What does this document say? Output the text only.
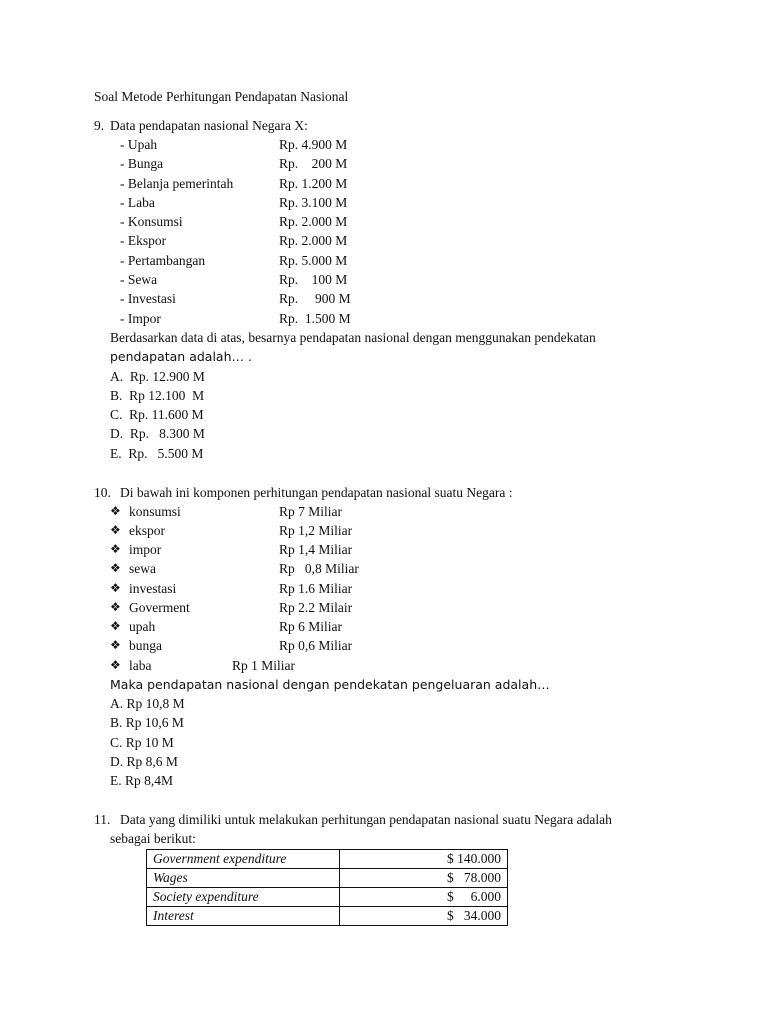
Soal Metode Perhitungan Pendapatan Nasional
9. Data pendapatan nasional Negara X:
- Upah	Rp. 4.900 M
- Bunga	Rp.    200 M
- Belanja pemerintah	Rp. 1.200 M
- Laba	Rp. 3.100 M
- Konsumsi	Rp. 2.000 M
- Ekspor	Rp. 2.000 M
- Pertambangan	Rp. 5.000 M
- Sewa	Rp.    100 M
- Investasi	Rp.     900 M
- Impor	Rp.  1.500 M
Berdasarkan data di atas, besarnya pendapatan nasional dengan menggunakan pendekatan
pendapatan adalah… .
A.  Rp. 12.900 M
B.  Rp 12.100  M
C.  Rp. 11.600 M
D.  Rp.   8.300 M
E.  Rp.   5.500 M
10. Di bawah ini komponen perhitungan pendapatan nasional suatu Negara :
❖ konsumsi	Rp 7 Miliar
❖ ekspor	Rp 1,2 Miliar
❖ impor	Rp 1,4 Miliar
❖ sewa	Rp   0,8 Miliar
❖ investasi	Rp 1.6 Miliar
❖ Goverment	Rp 2.2 Milair
❖ upah	Rp 6 Miliar
❖ bunga	Rp 0,6 Miliar
❖ laba	Rp 1 Miliar
Maka pendapatan nasional dengan pendekatan pengeluaran adalah…
A. Rp 10,8 M
B. Rp 10,6 M
C. Rp 10 M
D. Rp 8,6 M
E. Rp 8,4M
11. Data yang dimiliki untuk melakukan perhitungan pendapatan nasional suatu Negara adalah
sebagai berikut:
Government expenditure	$ 140.000
Wages	$   78.000
Society expenditure	$     6.000
Interest	$   34.000
